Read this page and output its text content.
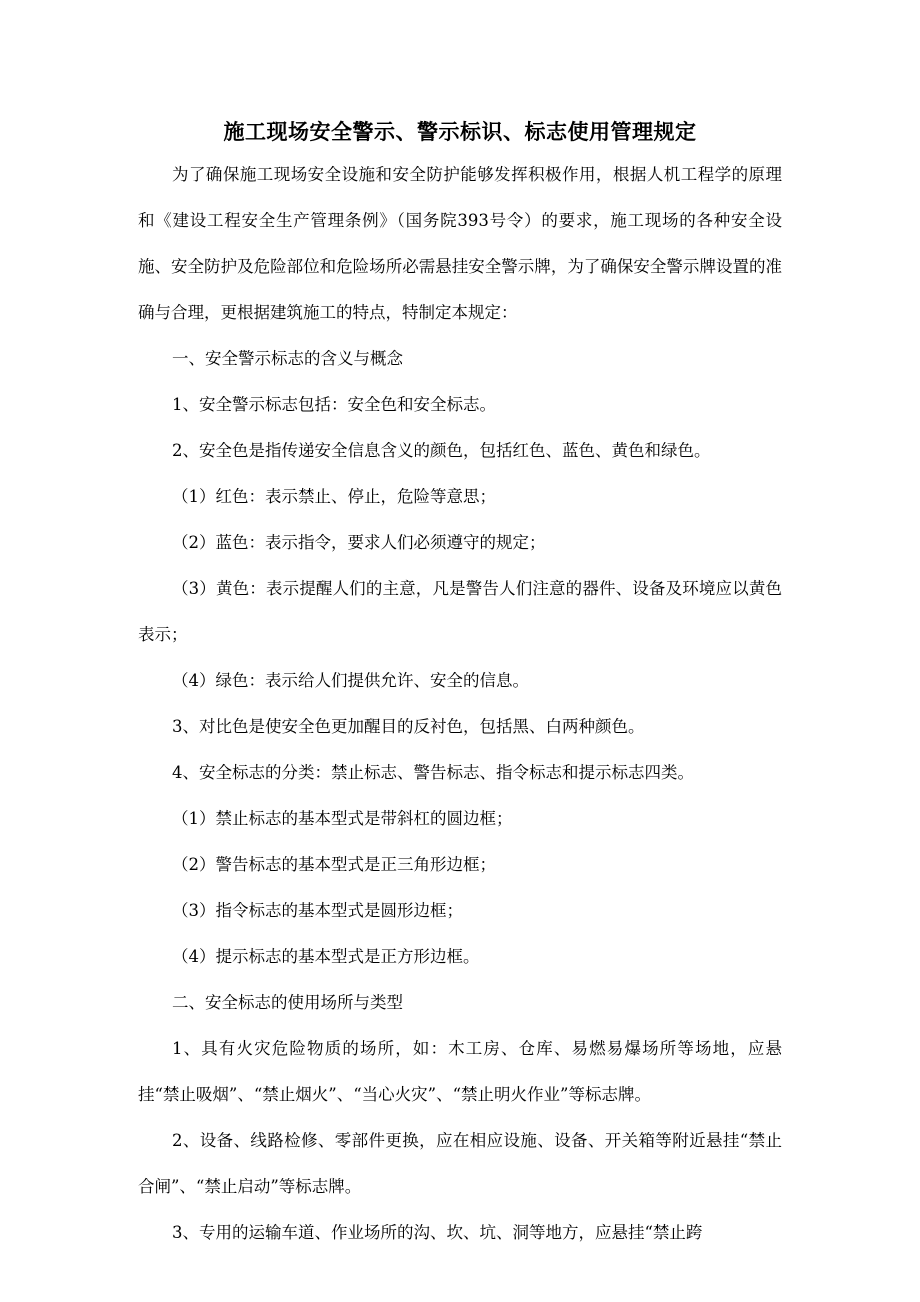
施工现场安全警示、警示标识、标志使用管理规定

为了确保施工现场安全设施和安全防护能够发挥积极作用，根据人机工程学的原理和《建设工程安全生产管理条例》（国务院393号令）的要求，施工现场的各种安全设施、安全防护及危险部位和危险场所必需悬挂安全警示牌，为了确保安全警示牌设置的准确与合理，更根据建筑施工的特点，特制定本规定：

一、安全警示标志的含义与概念

1、安全警示标志包括：安全色和安全标志。

2、安全色是指传递安全信息含义的颜色，包括红色、蓝色、黄色和绿色。

（1）红色：表示禁止、停止，危险等意思；

（2）蓝色：表示指令，要求人们必须遵守的规定；

（3）黄色：表示提醒人们的主意，凡是警告人们注意的器件、设备及环境应以黄色表示；

（4）绿色：表示给人们提供允许、安全的信息。

3、对比色是使安全色更加醒目的反衬色，包括黑、白两种颜色。

4、安全标志的分类：禁止标志、警告标志、指令标志和提示标志四类。

（1）禁止标志的基本型式是带斜杠的圆边框；

（2）警告标志的基本型式是正三角形边框；

（3）指令标志的基本型式是圆形边框；

（4）提示标志的基本型式是正方形边框。

二、安全标志的使用场所与类型

1、具有火灾危险物质的场所，如：木工房、仓库、易燃易爆场所等场地，应悬挂“禁止吸烟”、“禁止烟火”、“当心火灾”、“禁止明火作业”等标志牌。

2、设备、线路检修、零部件更换，应在相应设施、设备、开关箱等附近悬挂“禁止合闸”、“禁止启动”等标志牌。

3、专用的运输车道、作业场所的沟、坎、坑、洞等地方，应悬挂“禁止跨
